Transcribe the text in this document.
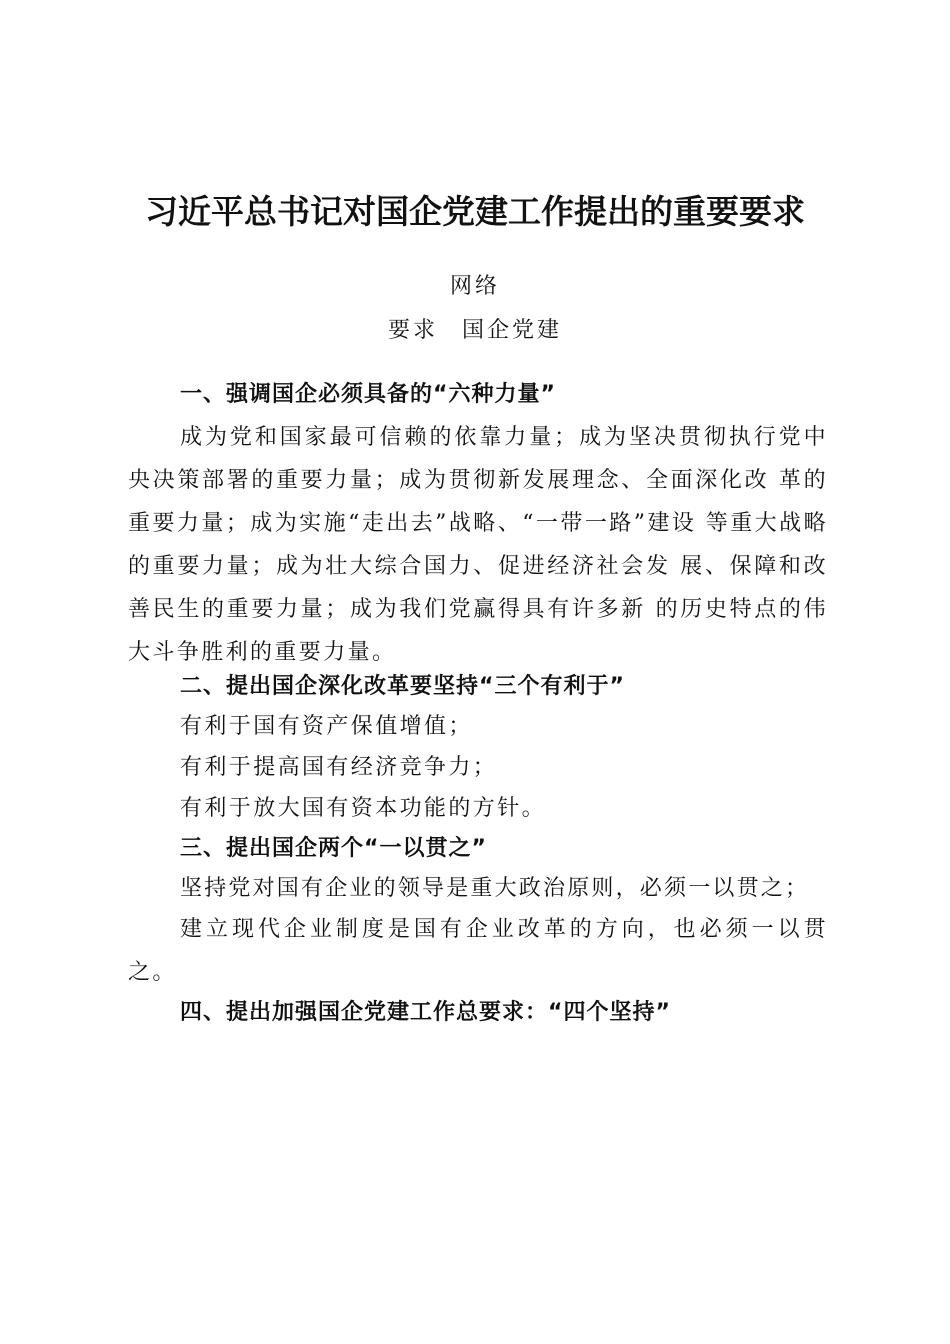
习近平总书记对国企党建工作提出的重要要求
网络
要求 国企党建
一、强调国企必须具备的“六种力量”
成为党和国家最可信赖的依靠力量；成为坚决贯彻执行党中央决策部署的重要力量；成为贯彻新发展理念、全面深化改 革的重要力量；成为实施“走出去”战略、“一带一路”建设 等重大战略的重要力量；成为壮大综合国力、促进经济社会发 展、保障和改善民生的重要力量；成为我们党赢得具有许多新 的历史特点的伟大斗争胜利的重要力量。
二、提出国企深化改革要坚持“三个有利于”
有利于国有资产保值增值；
有利于提高国有经济竞争力；
有利于放大国有资本功能的方针。
三、提出国企两个“一以贯之”
坚持党对国有企业的领导是重大政治原则，必须一以贯之；
建立现代企业制度是国有企业改革的方向，也必须一以贯之。
四、提出加强国企党建工作总要求：“四个坚持”
